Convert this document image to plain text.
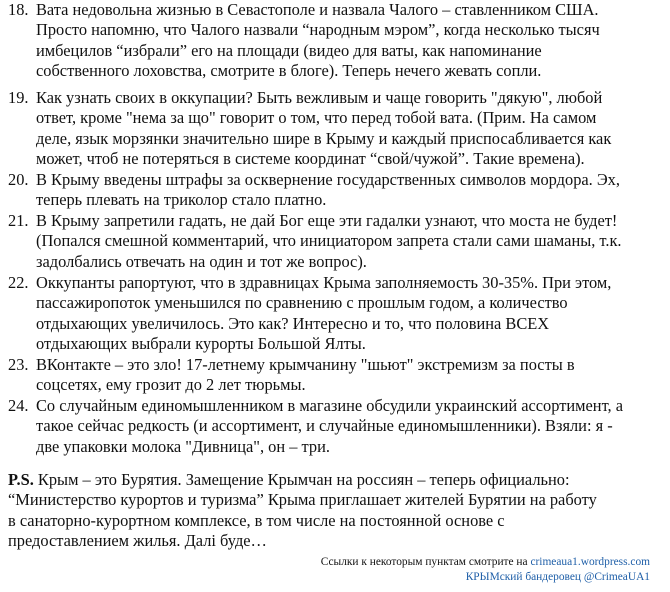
18. Вата недовольна жизнью в Севастополе и назвала Чалого – ставленником США.
Просто напомню, что Чалого назвали “народным мэром”, когда несколько тысяч
имбецилов “избрали” его на площади (видео для ваты, как напоминание
собственного лоховства, смотрите в блоге). Теперь нечего жевать сопли.
19. Как узнать своих в оккупации? Быть вежливым и чаще говорить "дякую", любой
ответ, кроме "нема за що" говорит о том, что перед тобой вата. (Прим. На самом
деле, язык морзянки значительно шире в Крыму и каждый приспосабливается как
может, чтоб не потеряться в системе координат “свой/чужой”. Такие времена).
20. В Крыму введены штрафы за осквернение государственных символов мордора. Эх,
теперь плевать на триколор стало платно.
21. В Крыму запретили гадать, не дай Бог еще эти гадалки узнают, что моста не будет!
(Попался смешной комментарий, что инициатором запрета стали сами шаманы, т.к.
задолбались отвечать на один и тот же вопрос).
22. Оккупанты рапортуют, что в здравницах Крыма заполняемость 30-35%. При этом,
пассажиропоток уменьшился по сравнению с прошлым годом, а количество
отдыхающих увеличилось. Это как? Интересно и то, что половина ВСЕХ
отдыхающих выбрали курорты Большой Ялты.
23. ВКонтакте – это зло! 17-летнему крымчанину "шьют" экстремизм за посты в
соцсетях, ему грозит до 2 лет тюрьмы.
24. Со случайным единомышленником в магазине обсудили украинский ассортимент, а
такое сейчас редкость (и ассортимент, и случайные единомышленники). Взяли: я -
две упаковки молока "Дивница", он – три.
P.S. Крым – это Бурятия. Замещение Крымчан на россиян – теперь официально:
“Министерство курортов и туризма” Крыма приглашает жителей Бурятии на работу
в санаторно-курортном комплексе, в том числе на постоянной основе с
предоставлением жилья. Далі буде…
Ссылки к некоторым пунктам смотрите на crimeaua1.wordpress.com
КРЫМский бандеровец @CrimeaUA1
